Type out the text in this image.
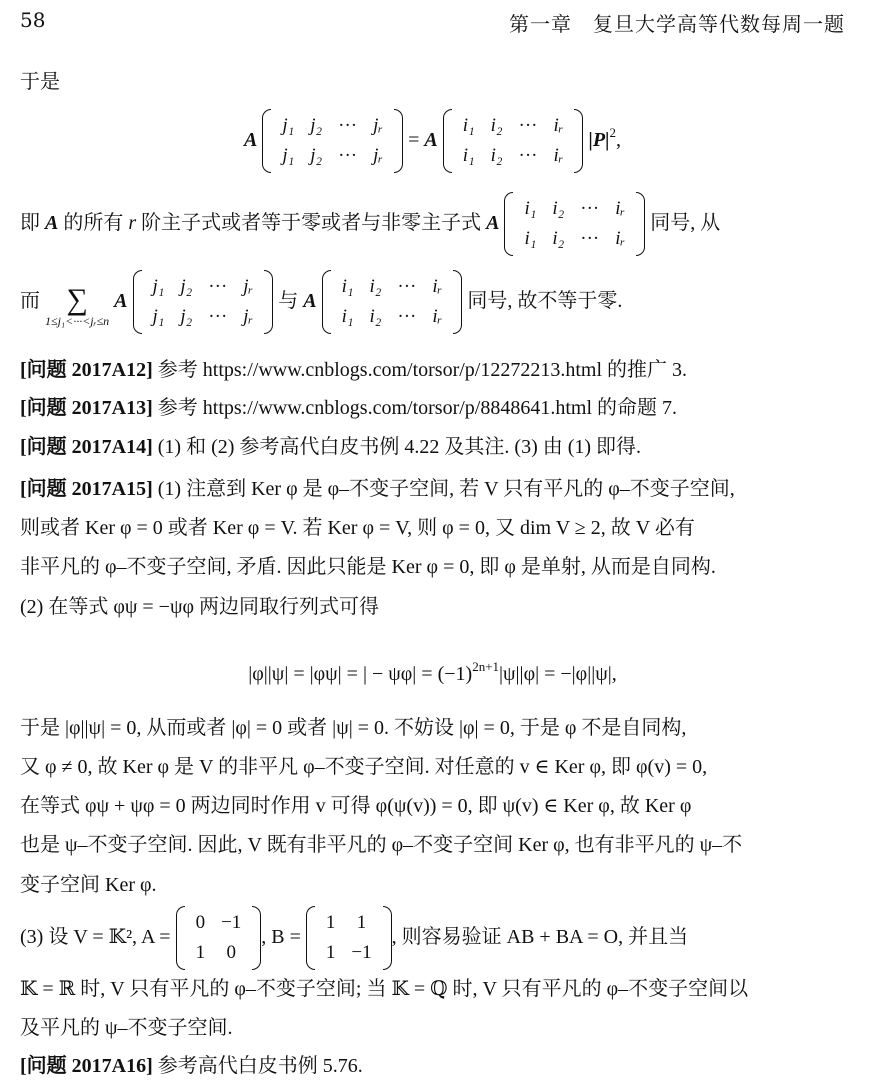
58	第一章　复旦大学高等代数每周一题
于是
A
j₁	j₂	···	jᵣ
j₁	j₂	···	jᵣ
= A
i₁	i₂	···	iᵣ
i₁	i₂	···	iᵣ
$|P|^2$,
即 A 的所有 r 阶主子式或者等于零或者与非零主子式 A
i₁	i₂	···	iᵣ
i₁	i₂	···	iᵣ
同号, 从
而 ∑
1≤j₁<···<jᵣ≤n
A
j₁	j₂	···	jᵣ
j₁	j₂	···	jᵣ
与 A
i₁	i₂	···	iᵣ
i₁	i₂	···	iᵣ
同号, 故不等于零.
[问题 2017A12] 参考 https://www.cnblogs.com/torsor/p/12272213.html 的推广 3.
[问题 2017A13] 参考 https://www.cnblogs.com/torsor/p/8848641.html 的命题 7.
[问题 2017A14] (1) 和 (2) 参考高代白皮书例 4.22 及其注. (3) 由 (1) 即得.
[问题 2017A15] (1) 注意到 Ker φ 是 φ–不变子空间, 若 V 只有平凡的 φ–不变子空间,
则或者 Ker φ = 0 或者 Ker φ = V. 若 Ker φ = V, 则 φ = 0, 又 dim V ≥ 2, 故 V 必有
非平凡的 φ–不变子空间, 矛盾. 因此只能是 Ker φ = 0, 即 φ 是单射, 从而是自同构.
(2) 在等式 φψ = −ψφ 两边同取行列式可得
|φ||ψ| = |φψ| = | − $\psi\varphi| = (-1)^{2n+1}|\psi||\varphi| = -|\varphi||\psi|$,
于是 |φ||ψ| = 0, 从而或者 |φ| = 0 或者 |ψ| = 0. 不妨设 |φ| = 0, 于是 φ 不是自同构,
又 φ ≠ 0, 故 Ker φ 是 V 的非平凡 φ–不变子空间. 对任意的 v ∈ Ker φ, 即 φ(v) = 0,
在等式 φψ + ψφ = 0 两边同时作用 v 可得 φ(ψ(v)) = 0, 即 ψ(v) ∈ Ker φ, 故 Ker φ
也是 ψ–不变子空间. 因此, V 既有非平凡的 φ–不变子空间 Ker φ, 也有非平凡的 ψ–不
变子空间 Ker φ.
(3) 设 V = 𝕂², A =
0	−1
1	0
, B =
1	1
1	−1
, 则容易验证 AB + BA = O, 并且当
𝕂 = ℝ 时, V 只有平凡的 φ–不变子空间; 当 𝕂 = ℚ 时, V 只有平凡的 φ–不变子空间以
及平凡的 ψ–不变子空间.
[问题 2017A16] 参考高代白皮书例 5.76.
